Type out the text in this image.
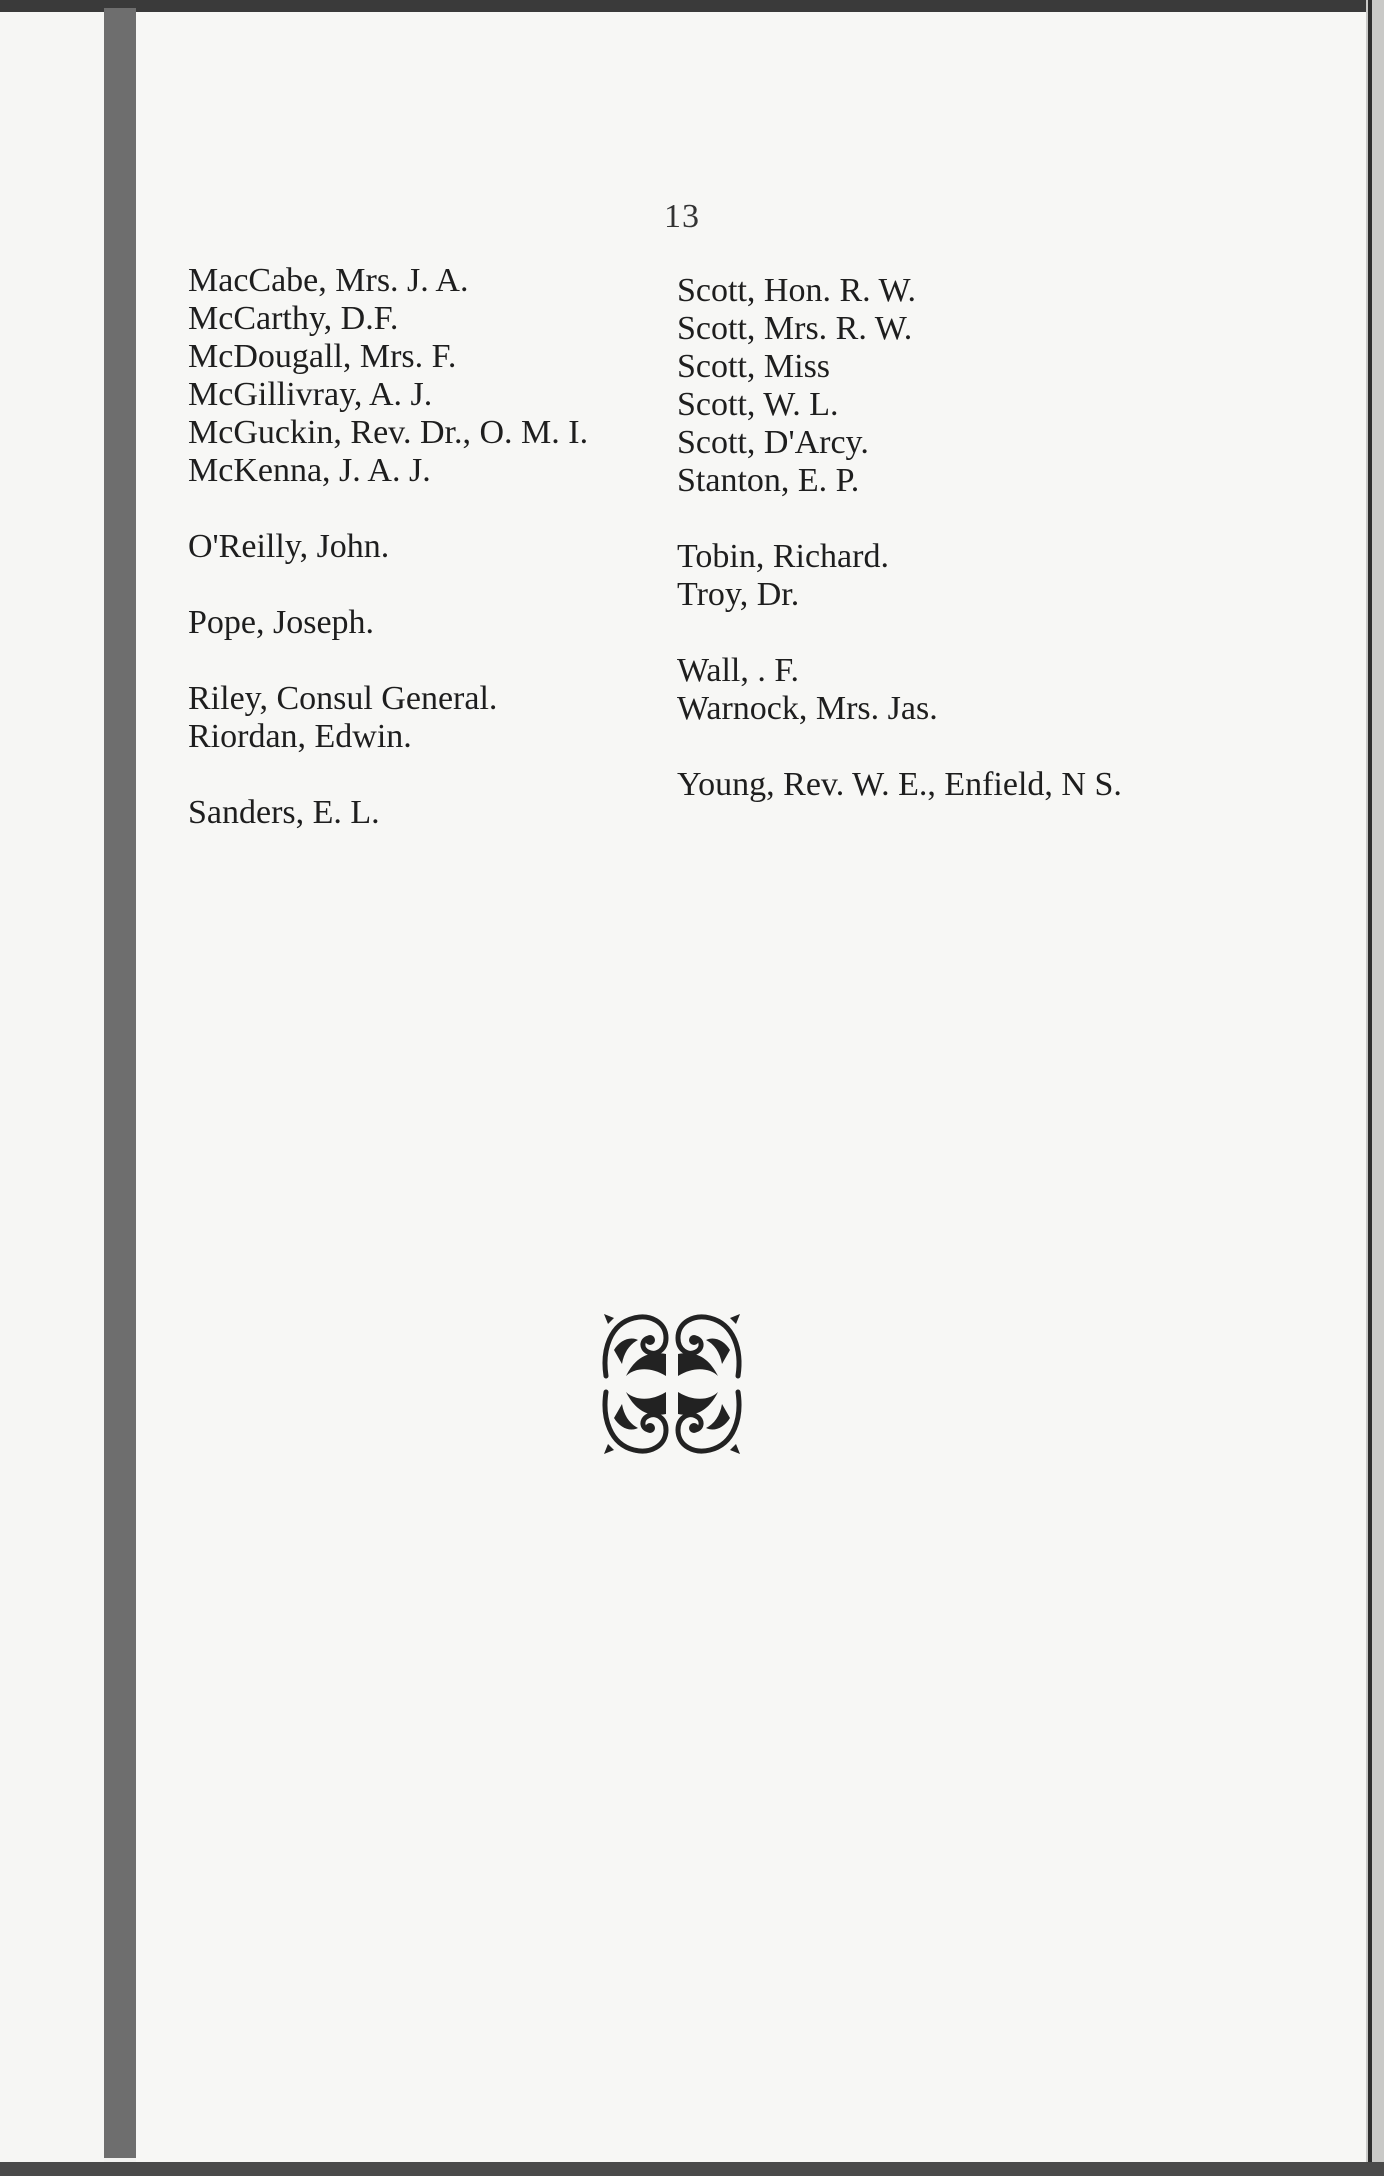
13
MacCabe, Mrs. J. A.
McCarthy, D.F.
McDougall, Mrs. F.
McGillivray, A. J.
McGuckin, Rev. Dr., O. M. I.
McKenna, J. A. J.
O'Reilly, John.
Pope, Joseph.
Riley, Consul General.
Riordan, Edwin.
Sanders, E. L.
Scott, Hon. R. W.
Scott, Mrs. R. W.
Scott, Miss
Scott, W. L.
Scott, D'Arcy.
Stanton, E. P.
Tobin, Richard.
Troy, Dr.
Wall, . F.
Warnock, Mrs. Jas.
Young, Rev. W. E., Enfield, N S.
